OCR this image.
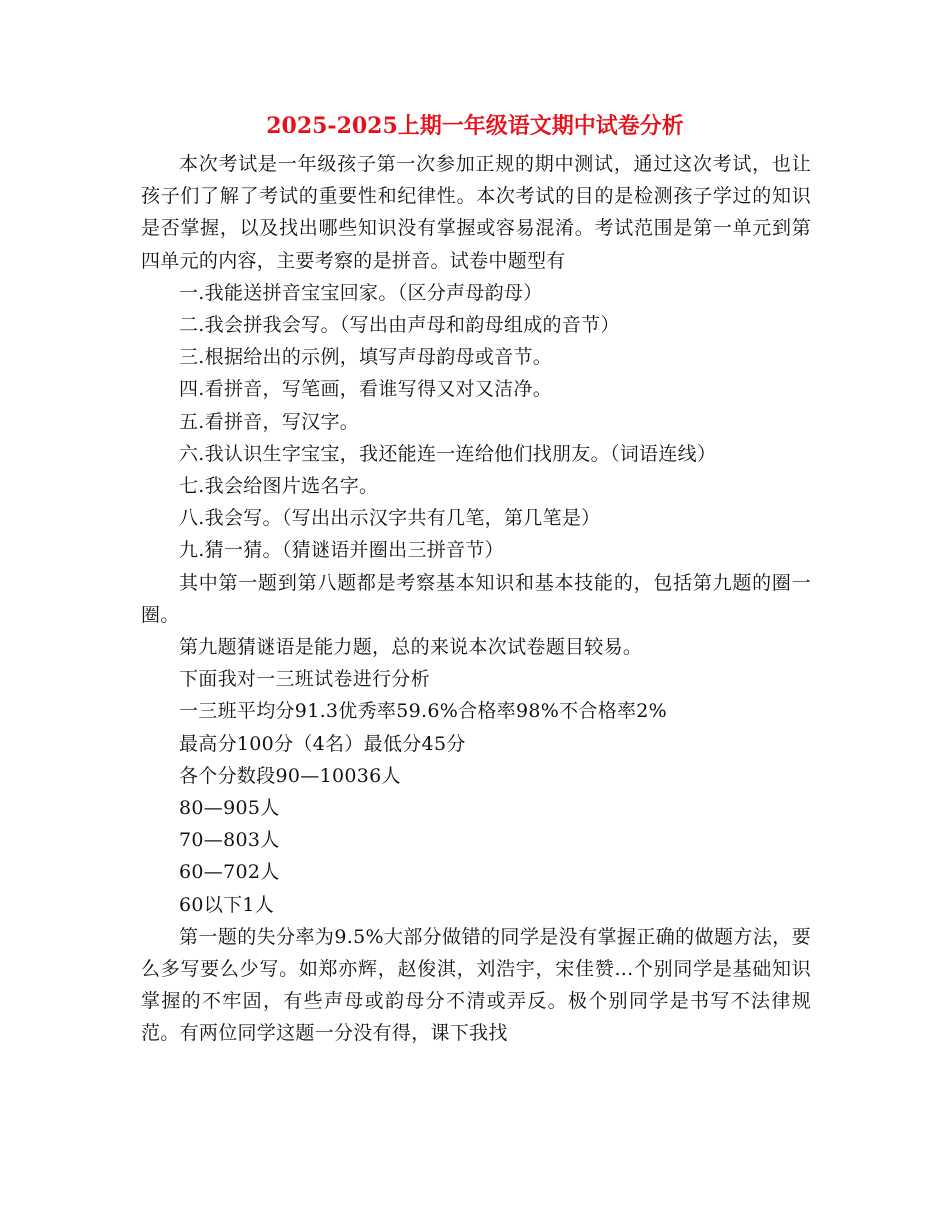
2025-2025上期一年级语文期中试卷分析

本次考试是一年级孩子第一次参加正规的期中测试，通过这次考试，也让孩子们了解了考试的重要性和纪律性。本次考试的目的是检测孩子学过的知识是否掌握，以及找出哪些知识没有掌握或容易混淆。考试范围是第一单元到第四单元的内容，主要考察的是拼音。试卷中题型有

一.我能送拼音宝宝回家。（区分声母韵母）

二.我会拼我会写。（写出由声母和韵母组成的音节）

三.根据给出的示例，填写声母韵母或音节。

四.看拼音，写笔画，看谁写得又对又洁净。

五.看拼音，写汉字。

六.我认识生字宝宝，我还能连一连给他们找朋友。（词语连线）

七.我会给图片选名字。

八.我会写。（写出出示汉字共有几笔，第几笔是）

九.猜一猜。（猜谜语并圈出三拼音节）

其中第一题到第八题都是考察基本知识和基本技能的，包括第九题的圈一圈。

第九题猜谜语是能力题，总的来说本次试卷题目较易。

下面我对一三班试卷进行分析

一三班平均分91.3优秀率59.6%合格率98%不合格率2%

最高分100分（4名）最低分45分

各个分数段90—10036人

80—905人

70—803人

60—702人

60以下1人

第一题的失分率为9.5%大部分做错的同学是没有掌握正确的做题方法，要么多写要么少写。如郑亦辉，赵俊淇，刘浩宇，宋佳赞...个别同学是基础知识掌握的不牢固，有些声母或韵母分不清或弄反。极个别同学是书写不法律规范。有两位同学这题一分没有得，课下我找
